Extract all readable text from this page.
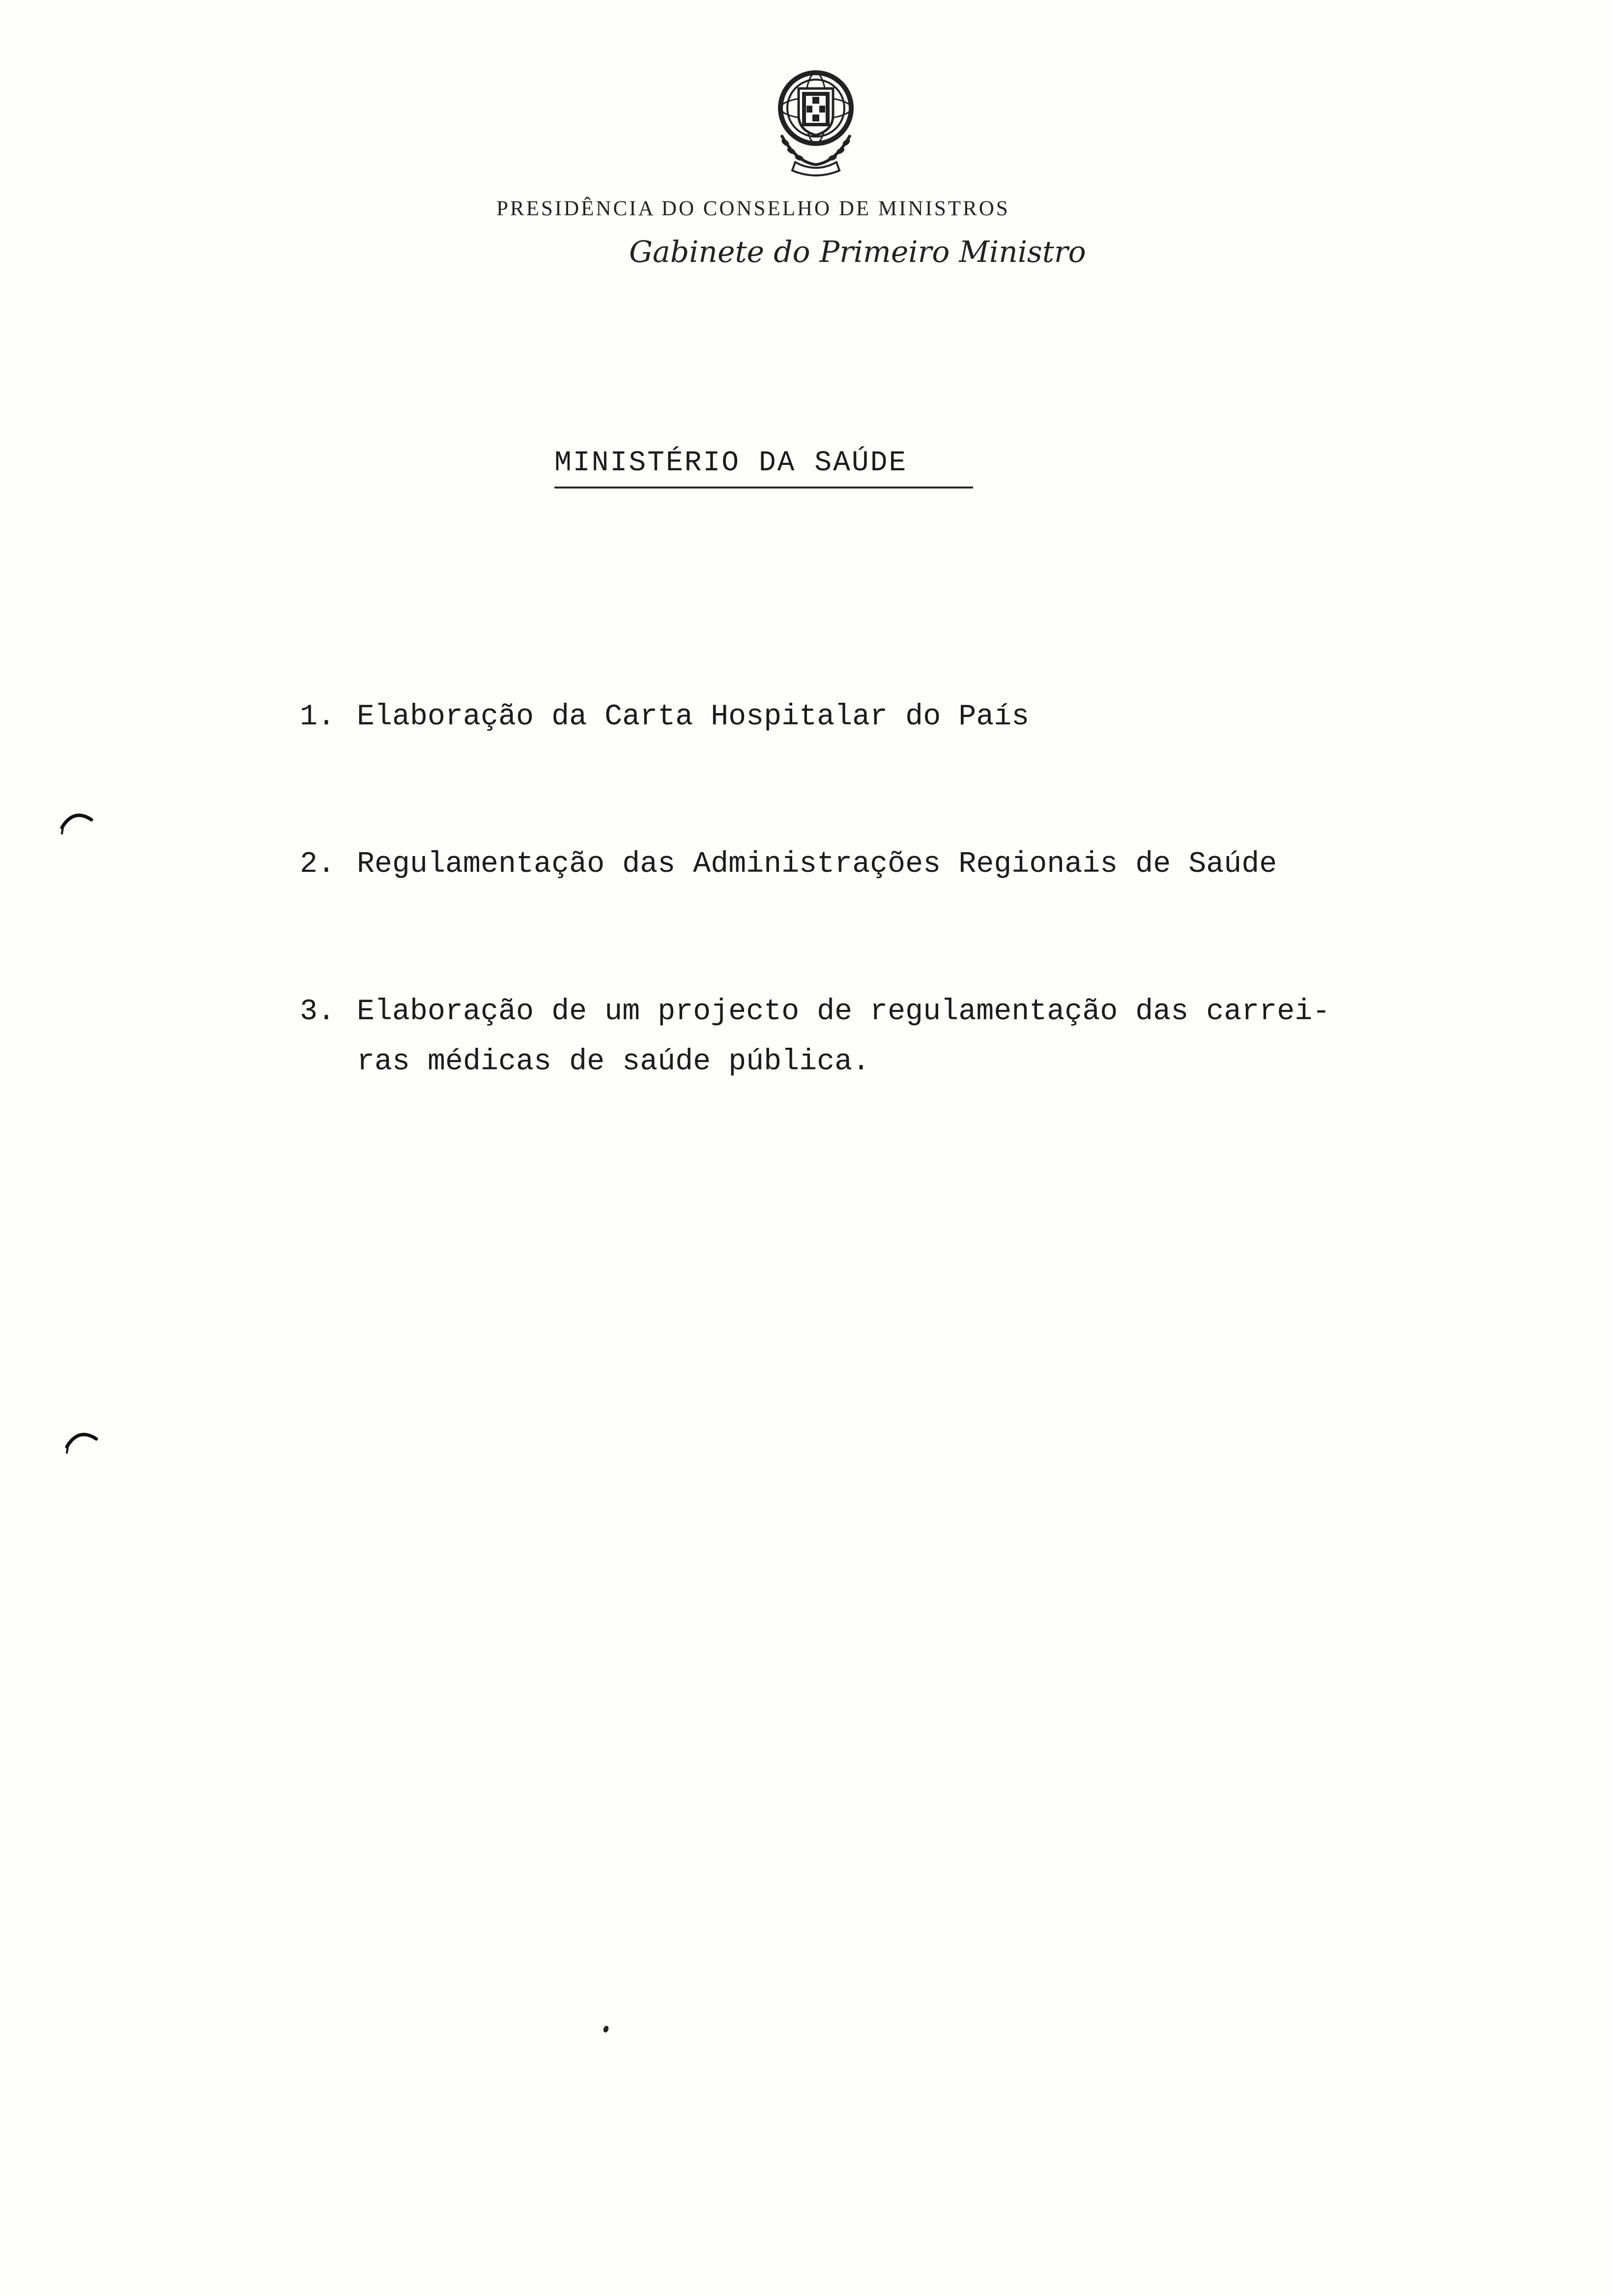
PRESIDÊNCIA DO CONSELHO DE MINISTROS
Gabinete do Primeiro Ministro
MINISTÉRIO DA SAÚDE
1. Elaboração da Carta Hospitalar do País
2. Regulamentação das Administrações Regionais de Saúde
3. Elaboração de um projecto de regulamentação das carrei-
ras médicas de saúde pública.
